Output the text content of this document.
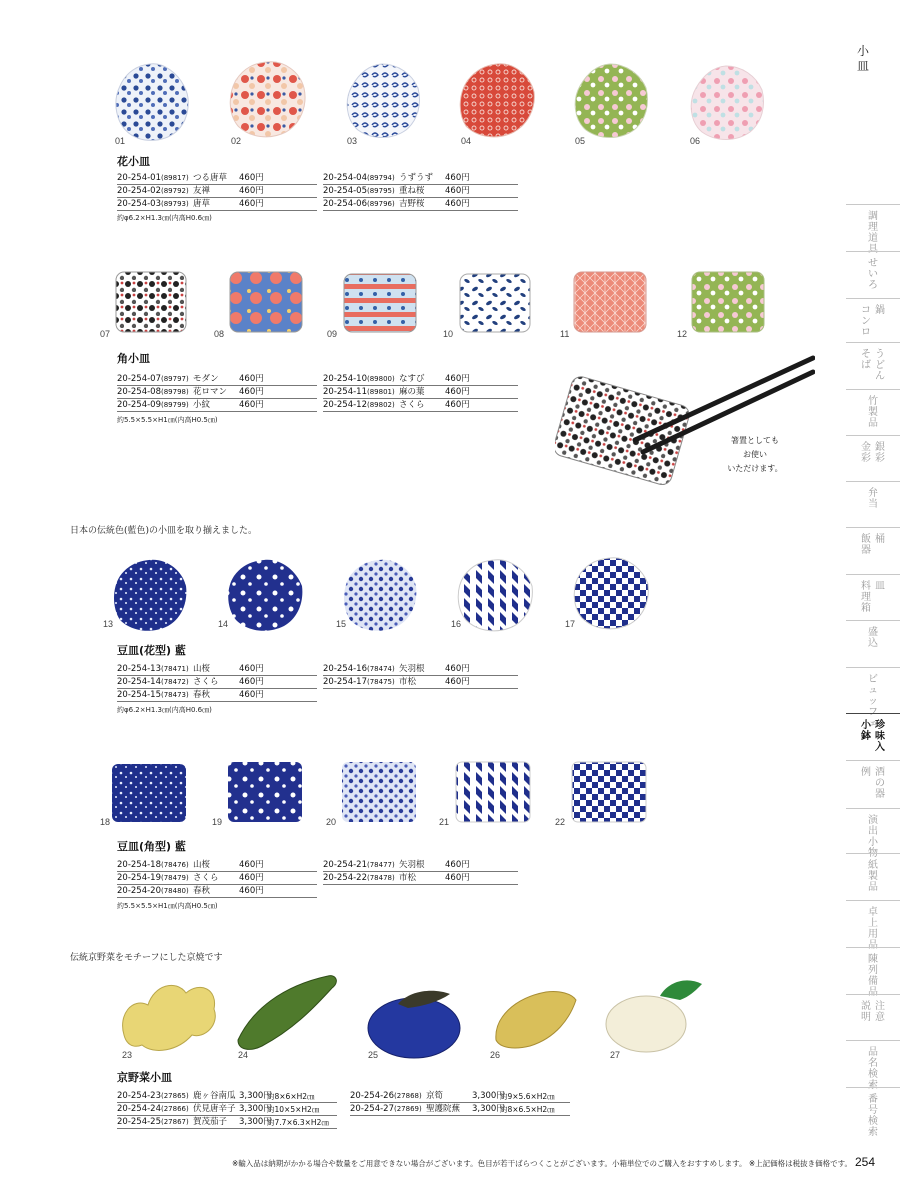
01	02	03	04	05	06
花小皿
20-254-01 (89817) つる唐草	460円
20-254-02 (89792) 友禅	460円
20-254-03 (89793) 唐草	460円
20-254-04 (89794) うずうず	460円
20-254-05 (89795) 重ね桜	460円
20-254-06 (89796) 吉野桜	460円
約φ6.2×H1.3㎝(内高H0.6㎝)
07	08	09	10	11	12
角小皿
20-254-07 (89797) モダン	460円
20-254-08 (89798) 花ロマン	460円
20-254-09 (89799) 小紋	460円
20-254-10 (89800) なすび	460円
20-254-11 (89801) 麻の葉	460円
20-254-12 (89802) さくら	460円
約5.5×5.5×H1㎝(内高H0.5㎝)
箸置としても
お使い
いただけます。
日本の伝統色(藍色)の小皿を取り揃えました。
13	14	15	16	17
豆皿(花型) 藍
20-254-13 (78471) 山桜	460円
20-254-14 (78472) さくら	460円
20-254-15 (78473) 春秋	460円
20-254-16 (78474) 矢羽根	460円
20-254-17 (78475) 市松	460円
約φ6.2×H1.3㎝(内高H0.6㎝)
18	19	20	21	22
豆皿(角型) 藍
20-254-18 (78476) 山桜	460円
20-254-19 (78479) さくら	460円
20-254-20 (78480) 春秋	460円
20-254-21 (78477) 矢羽根	460円
20-254-22 (78478) 市松	460円
約5.5×5.5×H1㎝(内高H0.5㎝)
伝統京野菜をモチーフにした京焼です
23	24	25	26	27
京野菜小皿
20-254-23 (27865) 鹿ヶ谷南瓜 3,300円
約8×6×H2㎝
20-254-24 (27866) 伏見唐辛子 3,300円
約10×5×H2㎝
20-254-25 (27867) 賀茂茄子	3,300円
約7.7×6.3×H2㎝
20-254-26 (27868) 京筍	3,300円
約9×5.6×H2㎝
20-254-27 (27869) 聖護院蕪	3,300円
約8×6.5×H2㎝
※輸入品は納期がかかる場合や数量をご用意できない場合がございます。色目が若干ばらつくことがございます。小箱単位でのご購入をおすすめします。 ※上記価格は税抜き価格です。 254
小皿
調理道具
せいろ
コンロ
鍋
そば
うどん
竹製品
金彩
銀彩
弁当
飯器
桶
料理箱
皿
盛込
ビュッフェ
小鉢
珍味入
例 酒の器
演出小物
紙製品
卓上用品
陳列備品
説明
注意
品名検索
番号検索
